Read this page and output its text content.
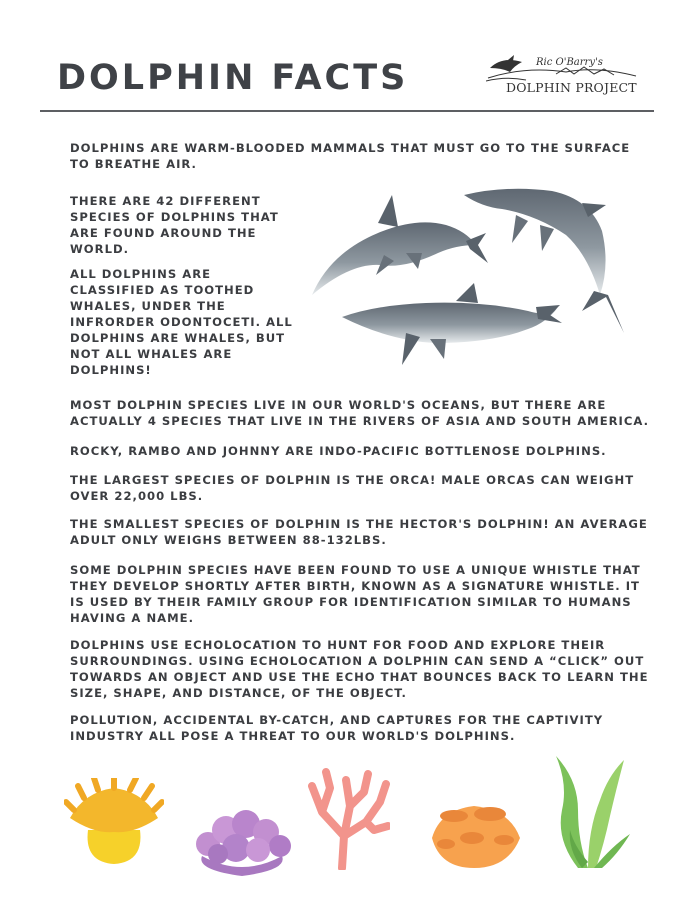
DOLPHIN FACTS	Ric O'Barry's
DOLPHIN PROJECT

DOLPHINS ARE WARM-BLOODED MAMMALS THAT MUST GO TO THE SURFACE TO BREATHE AIR.

THERE ARE 42 DIFFERENT SPECIES OF DOLPHINS THAT ARE FOUND AROUND THE WORLD.

ALL DOLPHINS ARE CLASSIFIED AS TOOTHED WHALES, UNDER THE INFRORDER ODONTOCETI. ALL DOLPHINS ARE WHALES, BUT NOT ALL WHALES ARE DOLPHINS!

MOST DOLPHIN SPECIES LIVE IN OUR WORLD'S OCEANS, BUT THERE ARE ACTUALLY 4 SPECIES THAT LIVE IN THE RIVERS OF ASIA AND SOUTH AMERICA.

ROCKY, RAMBO AND JOHNNY ARE INDO-PACIFIC BOTTLENOSE DOLPHINS.

THE LARGEST SPECIES OF DOLPHIN IS THE ORCA! MALE ORCAS CAN WEIGHT OVER 22,000 LBS.

THE SMALLEST SPECIES OF DOLPHIN IS THE HECTOR'S DOLPHIN! AN AVERAGE ADULT ONLY WEIGHS BETWEEN 88-132LBS.

SOME DOLPHIN SPECIES HAVE BEEN FOUND TO USE A UNIQUE WHISTLE THAT THEY DEVELOP SHORTLY AFTER BIRTH, KNOWN AS A SIGNATURE WHISTLE. IT IS USED BY THEIR FAMILY GROUP FOR IDENTIFICATION SIMILAR TO HUMANS HAVING A NAME.

DOLPHINS USE ECHOLOCATION TO HUNT FOR FOOD AND EXPLORE THEIR SURROUNDINGS. USING ECHOLOCATION A DOLPHIN CAN SEND A “CLICK” OUT TOWARDS AN OBJECT AND USE THE ECHO THAT BOUNCES BACK TO LEARN THE SIZE, SHAPE, AND DISTANCE, OF THE OBJECT.

POLLUTION, ACCIDENTAL BY-CATCH, AND CAPTURES FOR THE CAPTIVITY INDUSTRY ALL POSE A THREAT TO OUR WORLD'S DOLPHINS.
